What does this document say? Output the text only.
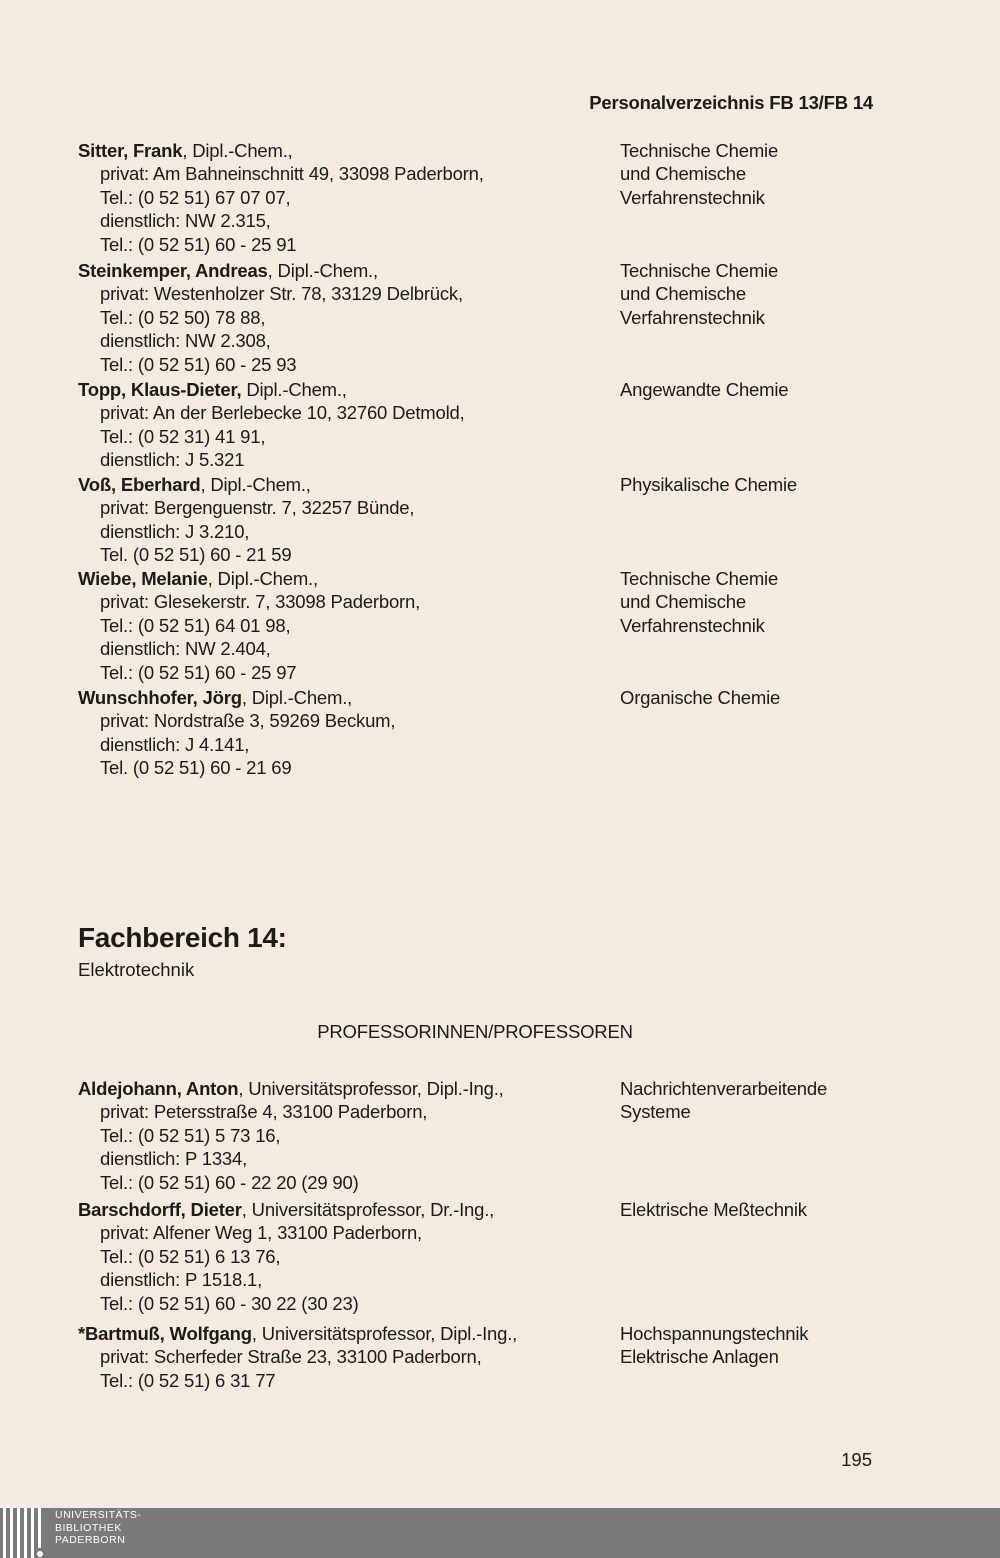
Personalverzeichnis FB 13/FB 14
Sitter, Frank, Dipl.-Chem.,
privat: Am Bahneinschnitt 49, 33098 Paderborn,
Tel.: (0 52 51) 67 07 07,
dienstlich: NW 2.315,
Tel.: (0 52 51) 60 - 25 91
Technische Chemie
und Chemische
Verfahrenstechnik
Steinkemper, Andreas, Dipl.-Chem.,
privat: Westenholzer Str. 78, 33129 Delbrück,
Tel.: (0 52 50) 78 88,
dienstlich: NW 2.308,
Tel.: (0 52 51) 60 - 25 93
Technische Chemie
und Chemische
Verfahrenstechnik
Topp, Klaus-Dieter, Dipl.-Chem.,
privat: An der Berlebecke 10, 32760 Detmold,
Tel.: (0 52 31) 41 91,
dienstlich: J 5.321
Angewandte Chemie
Voß, Eberhard, Dipl.-Chem.,
privat: Bergenguenstr. 7, 32257 Bünde,
dienstlich: J 3.210,
Tel. (0 52 51) 60 - 21 59
Physikalische Chemie
Wiebe, Melanie, Dipl.-Chem.,
privat: Glesekerstr. 7, 33098 Paderborn,
Tel.: (0 52 51) 64 01 98,
dienstlich: NW 2.404,
Tel.: (0 52 51) 60 - 25 97
Technische Chemie
und Chemische
Verfahrenstechnik
Wunschhofer, Jörg, Dipl.-Chem.,
privat: Nordstraße 3, 59269 Beckum,
dienstlich: J 4.141,
Tel. (0 52 51) 60 - 21 69
Organische Chemie
Fachbereich 14:
Elektrotechnik
PROFESSORINNEN/PROFESSOREN
Aldejohann, Anton, Universitätsprofessor, Dipl.-Ing.,
privat: Petersstraße 4, 33100 Paderborn,
Tel.: (0 52 51) 5 73 16,
dienstlich: P 1334,
Tel.: (0 52 51) 60 - 22 20 (29 90)
Nachrichtenverarbeitende
Systeme
Barschdorff, Dieter, Universitätsprofessor, Dr.-Ing.,
privat: Alfener Weg 1, 33100 Paderborn,
Tel.: (0 52 51) 6 13 76,
dienstlich: P 1518.1,
Tel.: (0 52 51) 60 - 30 22 (30 23)
Elektrische Meßtechnik
*Bartmuß, Wolfgang, Universitätsprofessor, Dipl.-Ing.,
privat: Scherfeder Straße 23, 33100 Paderborn,
Tel.: (0 52 51) 6 31 77
Hochspannungstechnik
Elektrische Anlagen
195
UNIVERSITÄTS-
BIBLIOTHEK
PADERBORN
